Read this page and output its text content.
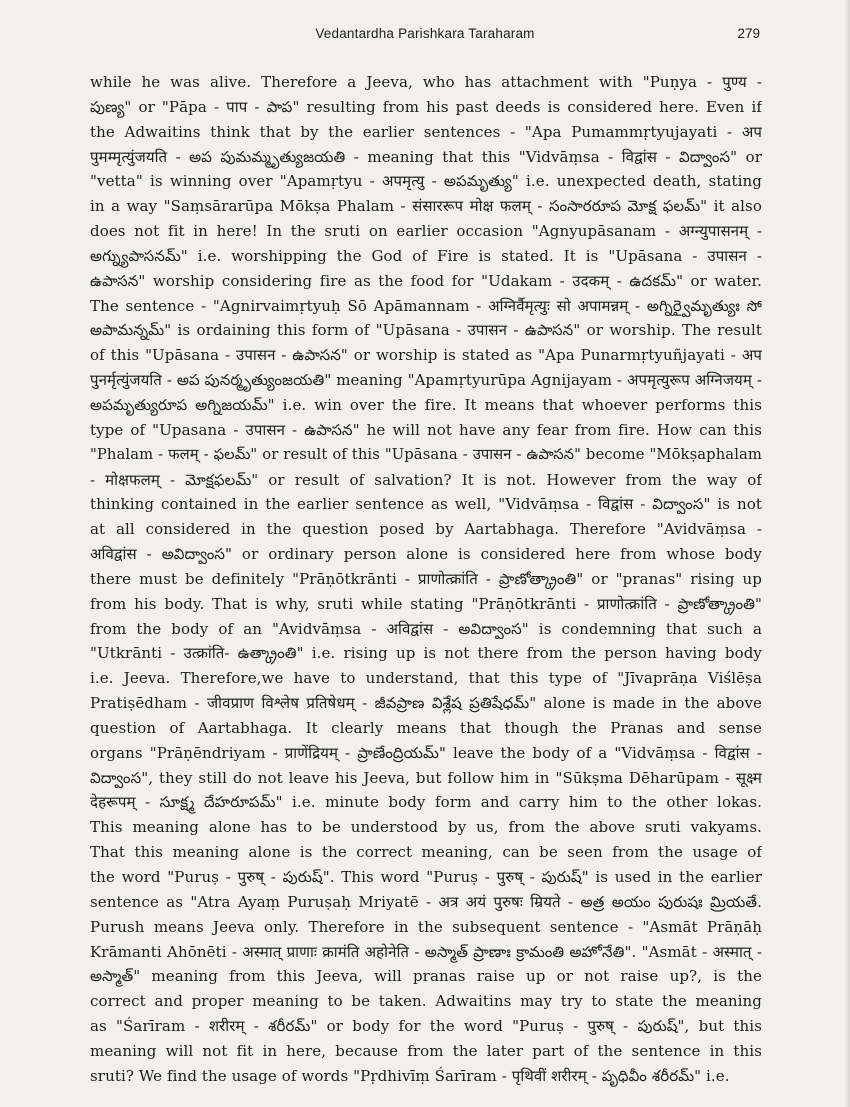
Vedantardha Parishkara Taraharam	279
while he was alive. Therefore a Jeeva, who has attachment with "Puṇya - पुण्य -
పుణ్య" or "Pāpa - पाप - పాప" resulting from his past deeds is considered here. Even if
the Adwaitins think that by the earlier sentences - "Apa Pumammṛtyujayati - अप
पुमम्मृत्युंजयति - అప పుమమ్మృత్యుజయతి - meaning that this "Vidvāṃsa - विद्वांस - విద్వాంస" or
"vetta" is winning over "Apamṛtyu - अपमृत्यु - అపమృత్యు" i.e. unexpected death, stating
in a way "Saṃsārarūpa Mōkṣa Phalam - संसाररूप मोक्ष फलम् - సంసారరూప మోక్ష ఫలమ్" it also
does not fit in here! In the sruti on earlier occasion "Agnyupāsanam - अग्न्युपासनम् -
అగ్న్యుపాసనమ్" i.e. worshipping the God of Fire is stated. It is "Upāsana - उपासन -
ఉపాసన" worship considering fire as the food for "Udakam - उदकम् - ఉదకమ్" or water.
The sentence - "Agnirvaimṛtyuḥ Sō Apāmannam - अग्निर्वैमृत्युः सो अपामन्नम् - అగ్నిర్వైమృత్యుః సో
అపామన్నమ్" is ordaining this form of "Upāsana - उपासन - ఉపాసన" or worship. The result
of this "Upāsana - उपासन - ఉపాసన" or worship is stated as "Apa Punarmṛtyuñjayati - अप
पुनर्मृत्युंजयति - అప పునర్మృత్యుంజయతి" meaning "Apamṛtyurūpa Agnijayam - अपमृत्युरूप अग्निजयम् -
అపమృత్యురూప అగ్నిజయమ్" i.e. win over the fire. It means that whoever performs this
type of "Upasana - उपासन - ఉపాసన" he will not have any fear from fire. How can this
"Phalam - फलम् - ఫలమ్" or result of this "Upāsana - उपासन - ఉపాసన" become "Mōkṣaphalam
- मोक्षफलम् - మోక్షఫలమ్" or result of salvation? It is not. However from the way of
thinking contained in the earlier sentence as well, "Vidvāṃsa - विद्वांस - విద్వాంస" is not
at all considered in the question posed by Aartabhaga. Therefore "Avidvāṃsa -
अविद्वांस - అవిద్వాంస" or ordinary person alone is considered here from whose body
there must be definitely "Prāṇōtkrānti - प्राणोत्क्रांति - ప్రాణోత్క్రాంతి" or "pranas" rising up
from his body. That is why, sruti while stating "Prāṇōtkrānti - प्राणोत्क्रांति - ప్రాణోత్క్రాంతి"
from the body of an "Avidvāṃsa - अविद्वांस - అవిద్వాంస" is condemning that such a
"Utkrānti - उत्क्रांति- ఉత్క్రాంతి" i.e. rising up is not there from the person having body
i.e. Jeeva. Therefore,we have to understand, that this type of "Jīvaprāṇa Viślēṣa
Pratiṣēdham - जीवप्राण विश्लेष प्रतिषेधम् - జీవప్రాణ విశ్లేష ప్రతిషేధమ్" alone is made in the above
question of Aartabhaga. It clearly means that though the Pranas and sense
organs "Prāṇēndriyam - प्राणेंद्रियम् - ప్రాణేంద్రియమ్" leave the body of a "Vidvāṃsa - विद्वांस -
విద్వాంస", they still do not leave his Jeeva, but follow him in "Sūkṣma Dēharūpam - सूक्ष्म
देहरूपम् - సూక్ష్మ దేహరూపమ్" i.e. minute body form and carry him to the other lokas.
This meaning alone has to be understood by us, from the above sruti vakyams.
That this meaning alone is the correct meaning, can be seen from the usage of
the word "Puruṣ - पुरुष् - పురుష్". This word "Puruṣ - पुरुष् - పురుష్" is used in the earlier
sentence as "Atra Ayaṃ Puruṣaḥ Mriyatē - अत्र अयं पुरुषः म्रियते - అత్ర అయం పురుషః మ్రియతే.
Purush means Jeeva only. Therefore in the subsequent sentence - "Asmāt Prāṇāḥ
Krāmanti Ahōnēti - अस्मात् प्राणाः क्रामंति अहोनेति - అస్మాత్ ప్రాణాః క్రామంతి అహోనేతి". "Asmāt - अस्मात् -
అస్మాత్" meaning from this Jeeva, will pranas raise up or not raise up?, is the
correct and proper meaning to be taken. Adwaitins may try to state the meaning
as "Śarīram - शरीरम् - శరీరమ్" or body for the word "Puruṣ - पुरुष् - పురుష్", but this
meaning will not fit in here, because from the later part of the sentence in this
sruti? We find the usage of words "Pṛdhivīṃ Śarīram - पृथिवीं शरीरम् - పృధివీం శరీరమ్" i.e.
